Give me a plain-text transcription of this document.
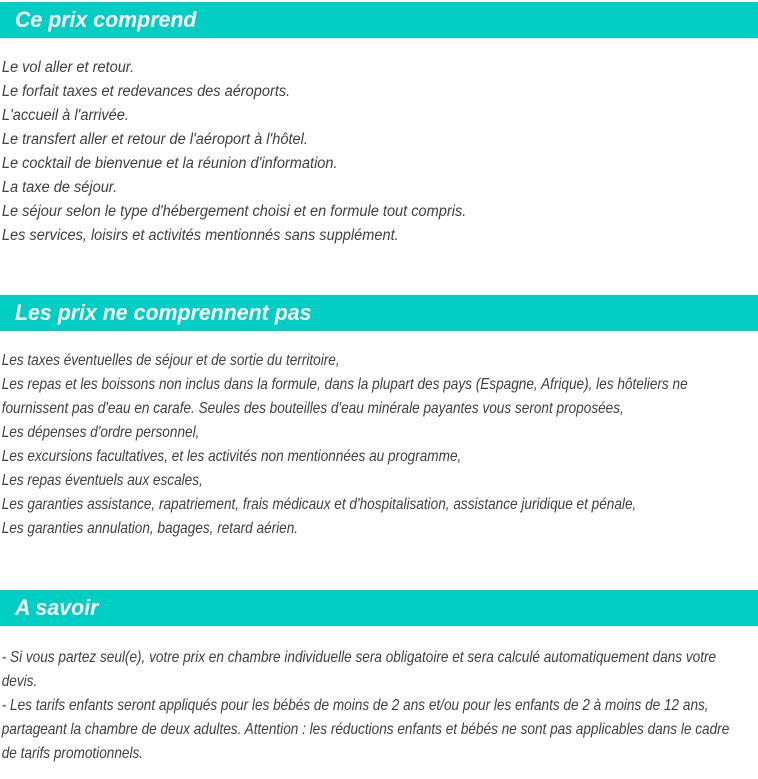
Ce prix comprend
Le vol aller et retour.
Le forfait taxes et redevances des aéroports.
L'accueil à l'arrivée.
Le transfert aller et retour de l'aéroport à l'hôtel.
Le cocktail de bienvenue et la réunion d'information.
La taxe de séjour.
Le séjour selon le type d'hébergement choisi et en formule tout compris.
Les services, loisirs et activités mentionnés sans supplément.
Les prix ne comprennent pas
Les taxes éventuelles de séjour et de sortie du territoire,
Les repas et les boissons non inclus dans la formule, dans la plupart des pays (Espagne, Afrique), les hôteliers ne
fournissent pas d'eau en carafe. Seules des bouteilles d'eau minérale payantes vous seront proposées,
Les dépenses d'ordre personnel,
Les excursions facultatives, et les activités non mentionnées au programme,
Les repas éventuels aux escales,
Les garanties assistance, rapatriement, frais médicaux et d'hospitalisation, assistance juridique et pénale,
Les garanties annulation, bagages, retard aérien.
A savoir
- Si vous partez seul(e), votre prix en chambre individuelle sera obligatoire et sera calculé automatiquement dans votre
devis.
- Les tarifs enfants seront appliqués pour les bébés de moins de 2 ans et/ou pour les enfants de 2 à moins de 12 ans,
partageant la chambre de deux adultes. Attention : les réductions enfants et bébés ne sont pas applicables dans le cadre
de tarifs promotionnels.
